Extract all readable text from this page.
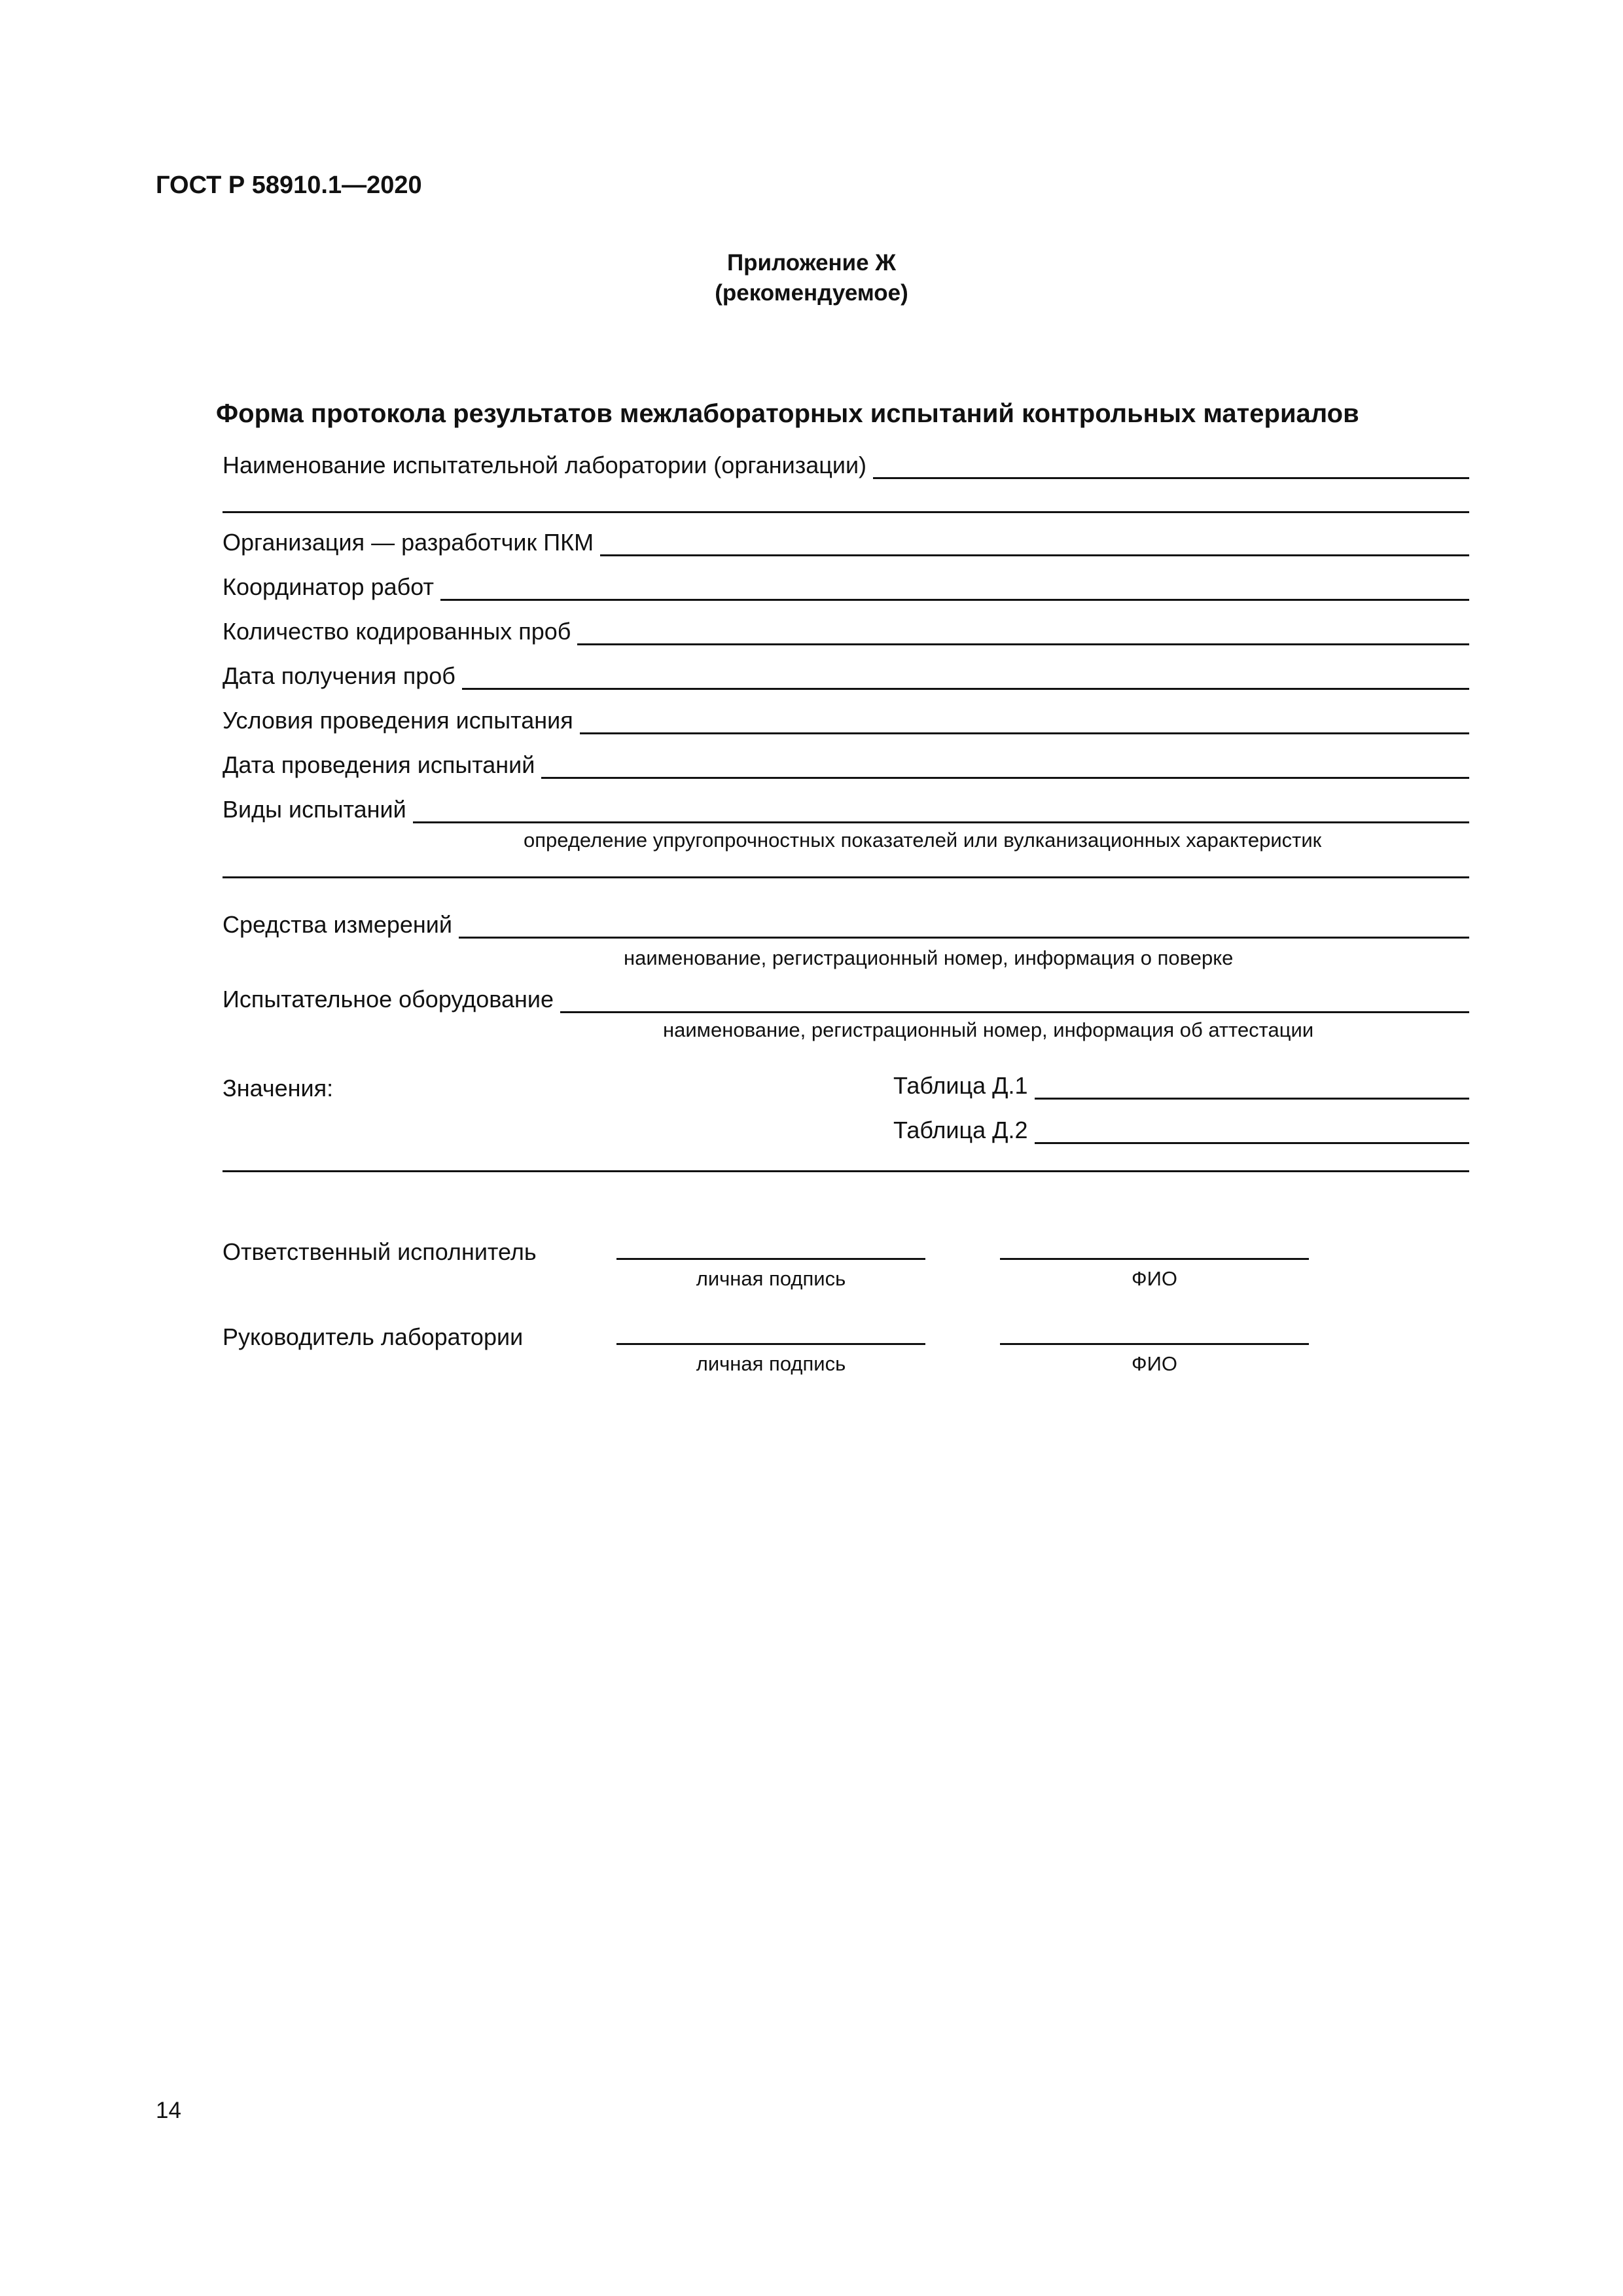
ГОСТ Р 58910.1—2020
Приложение Ж
(рекомендуемое)
Форма протокола результатов межлабораторных испытаний контрольных материалов
Наименование испытательной лаборатории (организации)
Организация — разработчик ПКМ
Координатор работ
Количество кодированных проб
Дата получения проб
Условия проведения испытания
Дата проведения испытаний
Виды испытаний
определение упругопрочностных показателей или вулканизационных характеристик
Средства измерений
наименование, регистрационный номер, информация о поверке
Испытательное оборудование
наименование, регистрационный номер, информация об аттестации
Значения:	Таблица Д.1
Таблица Д.2
Ответственный исполнитель
личная подпись	ФИО
Руководитель лаборатории
личная подпись	ФИО
14
